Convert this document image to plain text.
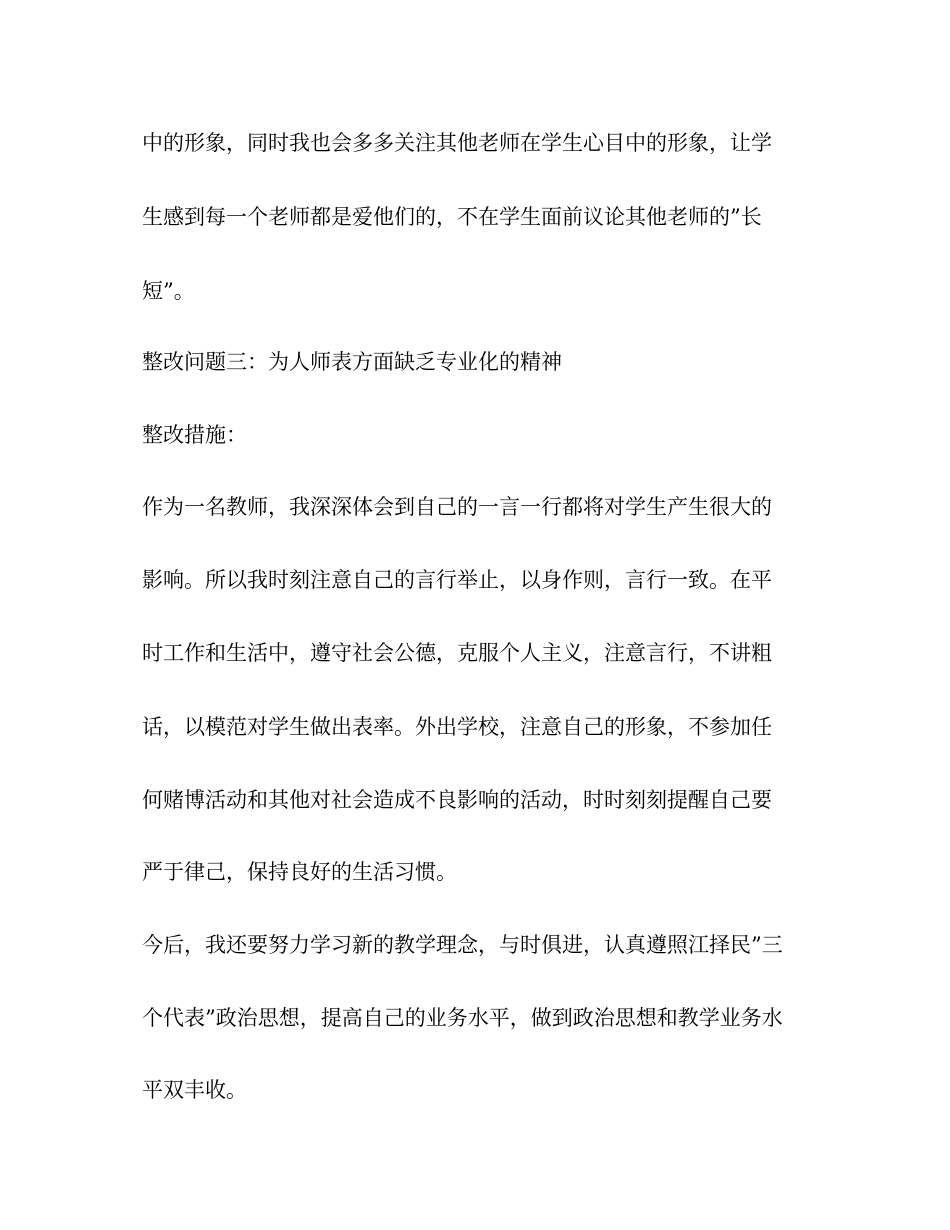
中的形象，同时我也会多多关注其他老师在学生心目中的形象，让学
生感到每一个老师都是爱他们的，不在学生面前议论其他老师的”长
短”。
整改问题三：为人师表方面缺乏专业化的精神
整改措施：
作为一名教师，我深深体会到自己的一言一行都将对学生产生很大的
影响。所以我时刻注意自己的言行举止，以身作则，言行一致。在平
时工作和生活中，遵守社会公德，克服个人主义，注意言行，不讲粗
话，以模范对学生做出表率。外出学校，注意自己的形象，不参加任
何赌博活动和其他对社会造成不良影响的活动，时时刻刻提醒自己要
严于律己，保持良好的生活习惯。
今后，我还要努力学习新的教学理念，与时俱进，认真遵照江择民”三
个代表”政治思想，提高自己的业务水平，做到政治思想和教学业务水
平双丰收。
